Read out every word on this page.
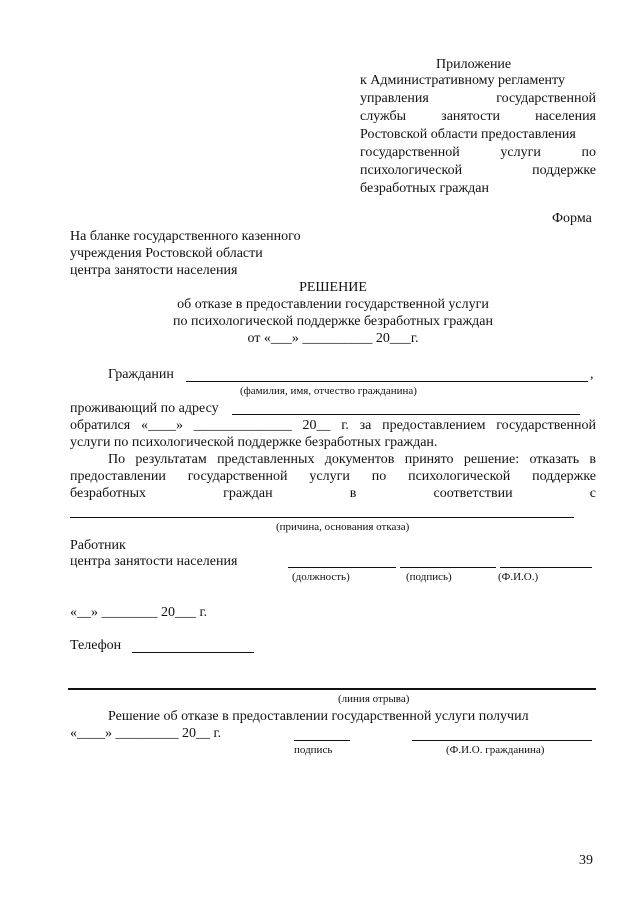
Приложение
к Административному регламенту
управления государственной
службы занятости населения
Ростовской области предоставления
государственной услуги по
психологической поддержке
безработных граждан
Форма
На бланке государственного казенного
учреждения Ростовской области
центра занятости населения
РЕШЕНИЕ
об отказе в предоставлении государственной услуги
по психологической поддержке безработных граждан
от «___» __________ 20___г.
Гражданин	,
(фамилия, имя, отчество гражданина)
проживающий по адресу
обратился «____» ______________ 20__ г. за предоставлением государственной
услуги по психологической поддержке безработных граждан.
По результатам представленных документов принято решение: отказать в
предоставлении государственной услуги по психологической поддержке
безработных граждан в соответствии с
(причина, основания отказа)
Работник
центра занятости населения
(должность)	(подпись)	(Ф.И.О.)
«__» ________ 20___ г.
Телефон
(линия отрыва)
Решение об отказе в предоставлении государственной услуги получил
«____» _________ 20__ г.
подпись	(Ф.И.О. гражданина)
39
